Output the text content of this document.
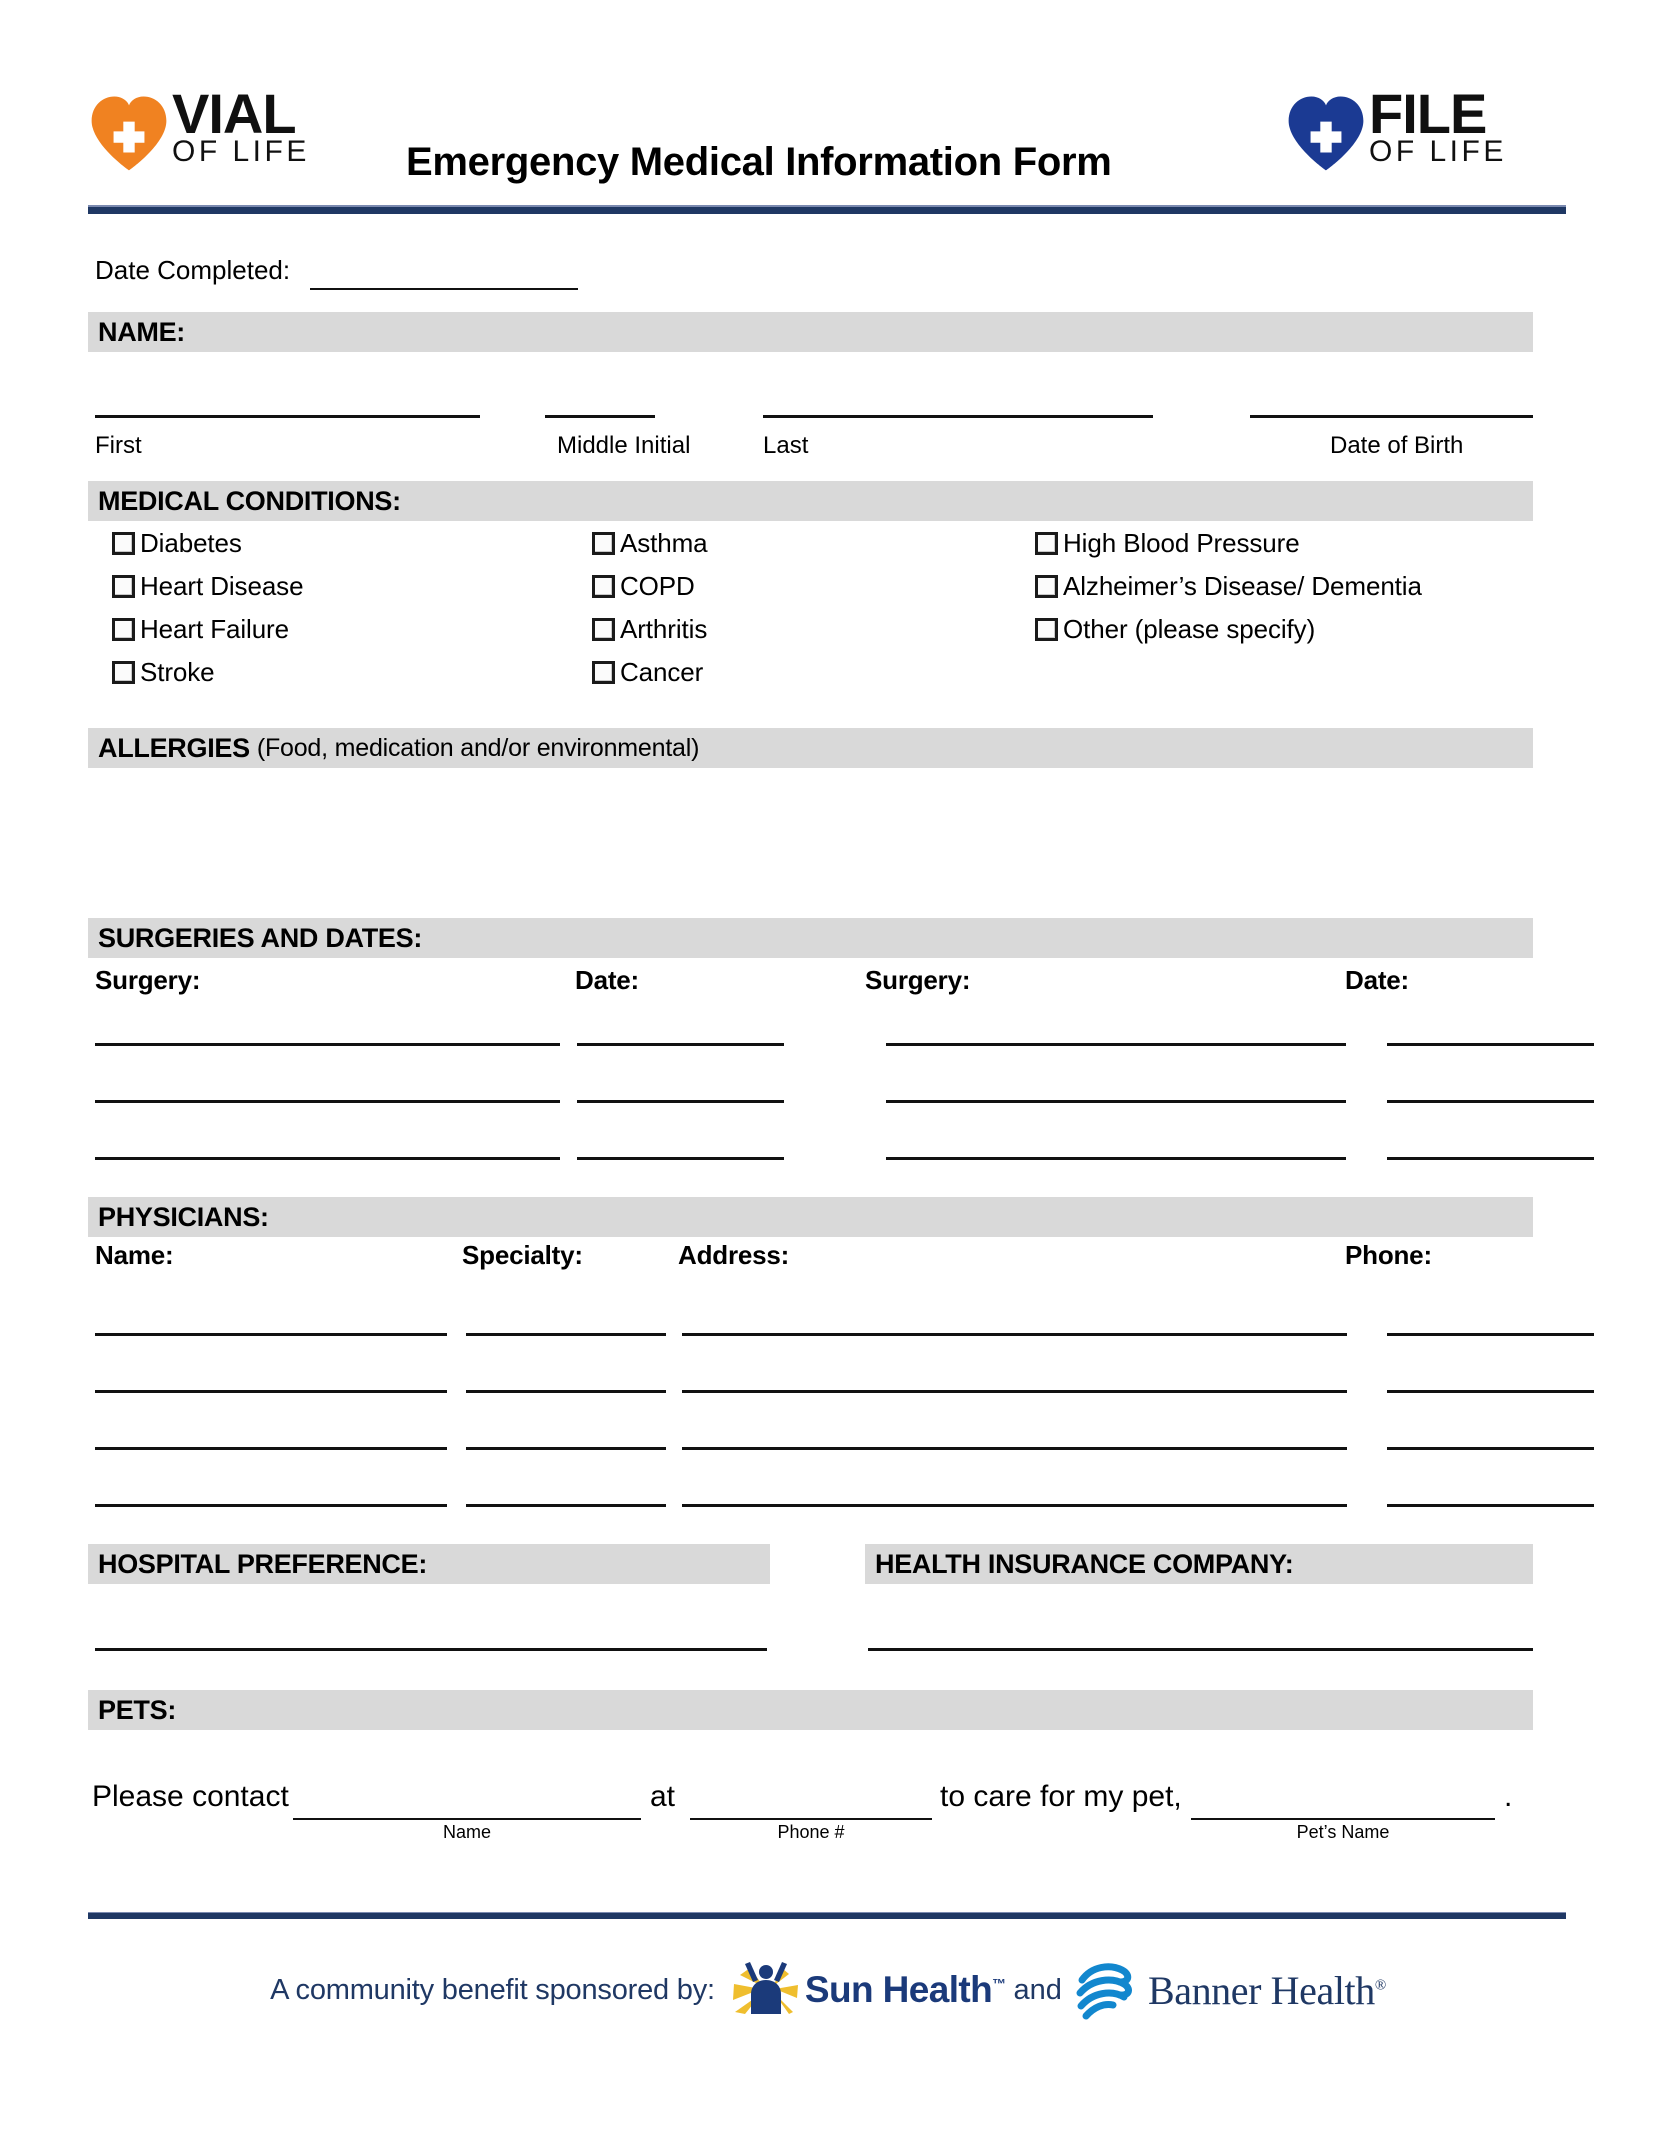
VIAL
OF LIFE Emergency Medical Information Form
FILE
OF LIFE
Date Completed:
NAME:
First	Middle Initial	Last	Date of Birth
MEDICAL CONDITIONS:
Diabetes
Heart Disease
Heart Failure
Stroke
Asthma
COPD
Arthritis
Cancer
High Blood Pressure
Alzheimer’s Disease/ Dementia
Other (please specify)
ALLERGIES (Food, medication and/or environmental)
SURGERIES AND DATES:
Surgery:	Date:	Surgery:	Date:
PHYSICIANS:
Name:	Specialty:	Address:	Phone:
HOSPITAL PREFERENCE:	HEALTH INSURANCE COMPANY:
PETS:
Please contact
Name
at
Phone #
to care for my pet,
Pet’s Name
.
A community benefit sponsored by: Sun Health™ and Banner Health®
